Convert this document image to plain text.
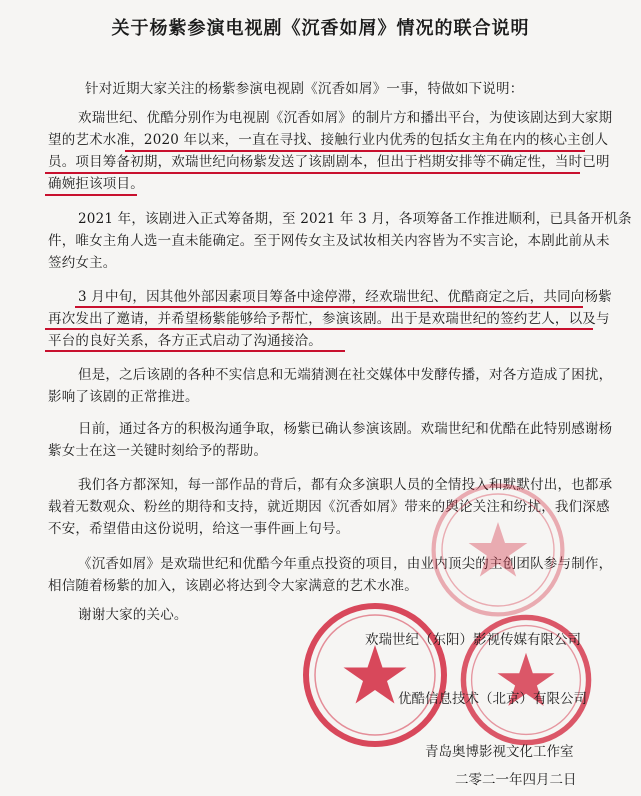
关于杨紫参演电视剧《沉香如屑》情况的联合说明
针对近期大家关注的杨紫参演电视剧《沉香如屑》一事，特做如下说明：
欢瑞世纪、优酷分别作为电视剧《沉香如屑》的制片方和播出平台，为使该剧达到大家期
望的艺术水准，2020 年以来，一直在寻找、接触行业内优秀的包括女主角在内的核心主创人
员。项目筹备初期，欢瑞世纪向杨紫发送了该剧剧本，但出于档期安排等不确定性，当时已明
确婉拒该项目。
2021 年，该剧进入正式筹备期，至 2021 年 3 月，各项筹备工作推进顺利，已具备开机条
件，唯女主角人选一直未能确定。至于网传女主及试妆相关内容皆为不实言论，本剧此前从未
签约女主。
3 月中旬，因其他外部因素项目筹备中途停滞，经欢瑞世纪、优酷商定之后，共同向杨紫
再次发出了邀请，并希望杨紫能够给予帮忙，参演该剧。出于是欢瑞世纪的签约艺人，以及与
平台的良好关系，各方正式启动了沟通接洽。
但是，之后该剧的各种不实信息和无端猜测在社交媒体中发酵传播，对各方造成了困扰，
影响了该剧的正常推进。
日前，通过各方的积极沟通争取，杨紫已确认参演该剧。欢瑞世纪和优酷在此特别感谢杨
紫女士在这一关键时刻给予的帮助。
我们各方都深知，每一部作品的背后，都有众多演职人员的全情投入和默默付出，也都承
载着无数观众、粉丝的期待和支持，就近期因《沉香如屑》带来的舆论关注和纷扰，我们深感
不安，希望借由这份说明，给这一事件画上句号。
《沉香如屑》是欢瑞世纪和优酷今年重点投资的项目，由业内顶尖的主创团队参与制作，
相信随着杨紫的加入，该剧必将达到令大家满意的艺术水准。
谢谢大家的关心。
欢瑞世纪（东阳）影视传媒有限公司
优酷信息技术（北京）有限公司
青岛奥博影视文化工作室
二零二一年四月二日
